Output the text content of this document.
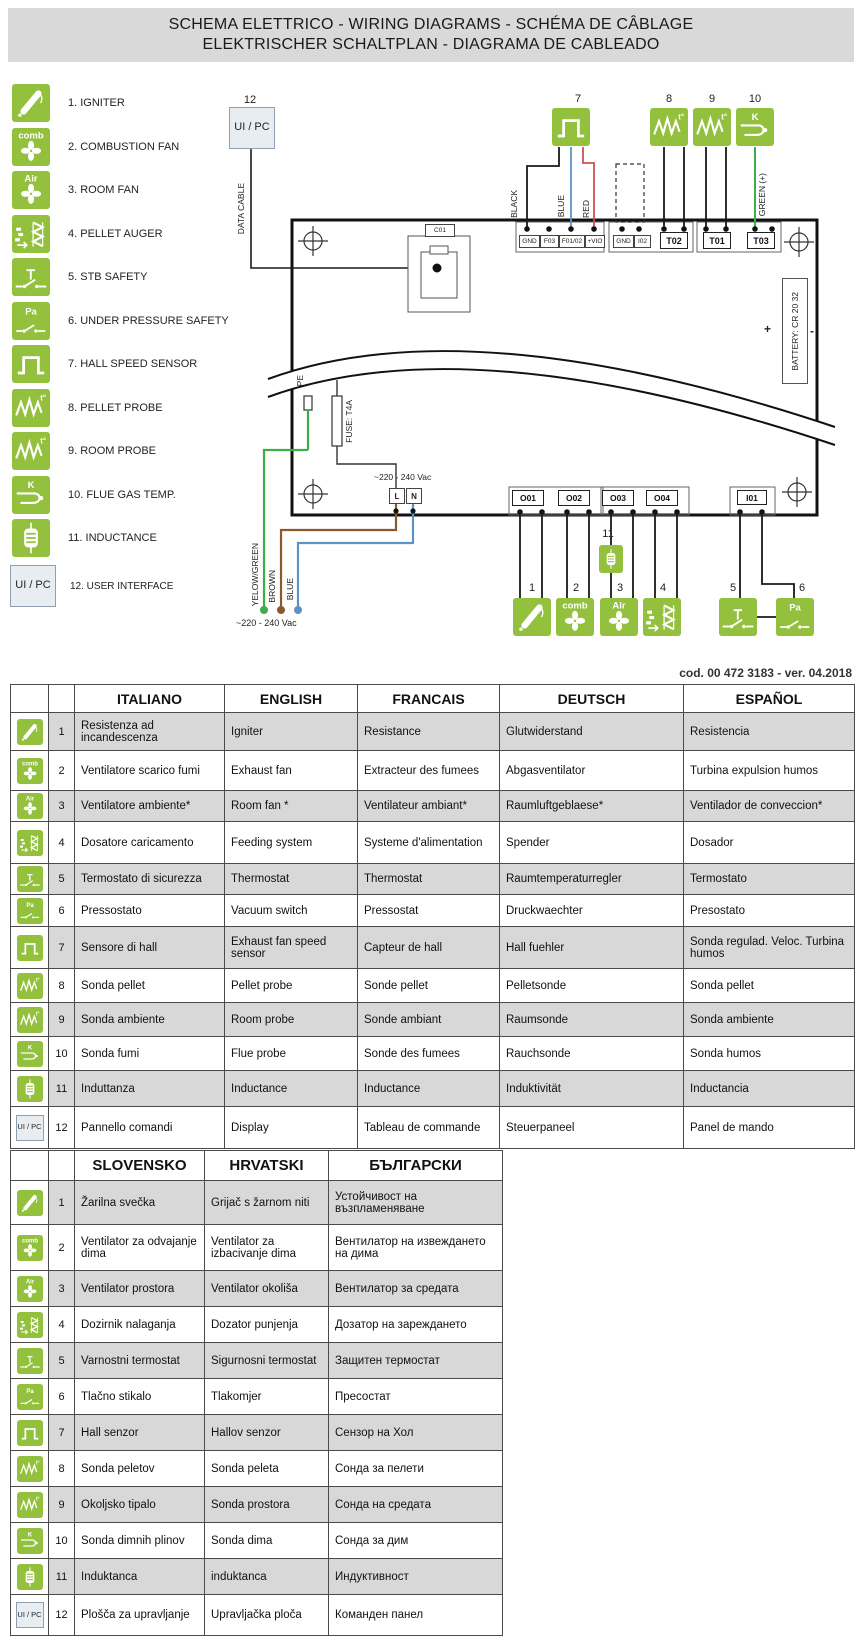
SCHEMA ELETTRICO - WIRING DIAGRAMS - SCHÉMA DE CÂBLAGE
ELEKTRISCHER SCHALTPLAN - DIAGRAMA DE CABLEADO
1. IGNITER
2. COMBUSTION FAN
3. ROOM FAN
4. PELLET AUGER
5. STB SAFETY
6. UNDER PRESSURE SAFETY
7. HALL SPEED SENSOR
8. PELLET PROBE
9. ROOM PROBE
10. FLUE GAS TEMP.
11. INDUCTANCE
UI / PC	12. USER INTERFACE
12
UI / PC
DATA CABLE	C01
7	8	9	10
BLACK	BLUE RED	GREEN (+)
GND	F03	F01/02 +VIO	GND	I02	T02	T01	T03
BATTERY: CR 20 32
+	-
PE
FUSE: T4A
~220 - 240 Vac
L	N
YELOW/GREEN BROWN BLUE
~220 - 240 Vac
O01	O02	O03	O04	I01
11
1	2	3	4	5	6
cod. 00 472 3183 - ver. 04.2018
		ITALIANO	ENGLISH	FRANCAIS	DEUTSCH	ESPAÑOL

	1	Resistenza ad incandescenza	Igniter	Resistance	Glutwiderstand	Resistencia

	2	Ventilatore scarico fumi	Exhaust fan	Extracteur des fumees	Abgasventilator	Turbina expulsion humos

	3	Ventilatore ambiente*	Room fan *	Ventilateur ambiant*	Raumluftgeblaese*	Ventilador de conveccion*

	4	Dosatore caricamento	Feeding system	Systeme d'alimentation	Spender	Dosador

	5	Termostato di sicurezza	Thermostat	Thermostat	Raumtemperaturregler	Termostato

	6	Pressostato	Vacuum switch	Pressostat	Druckwaechter	Presostato

	7	Sensore di hall	Exhaust fan speed sensor	Capteur de hall	Hall fuehler	Sonda regulad. Veloc. Turbina humos

	8	Sonda pellet	Pellet probe	Sonde pellet	Pelletsonde	Sonda pellet

	9	Sonda ambiente	Room probe	Sonde ambiant	Raumsonde	Sonda ambiente

	10	Sonda fumi	Flue probe	Sonde des fumees	Rauchsonde	Sonda humos

	11	Induttanza	Inductance	Inductance	Induktivität	Inductancia

UI / PC	12	Pannello comandi	Display	Tableau de commande	Steuerpaneel	Panel de mando
		SLOVENSKO	HRVATSKI	БЪЛГАРСКИ

	1	Žarilna svečka	Grijač s žarnom niti	Устойчивост на възпламеняване

	2	Ventilator za odvajanje dima	Ventilator za izbacivanje dima	Вентилатор на извеждането на дима

	3	Ventilator prostora	Ventilator okoliša	Вентилатор за средата

	4	Dozirnik nalaganja	Dozator punjenja	Дозатор на зареждането

	5	Varnostni termostat	Sigurnosni termostat	Защитен термостат

	6	Tlačno stikalo	Tlakomjer	Пресостат

	7	Hall senzor	Hallov senzor	Сензор на Хол

	8	Sonda peletov	Sonda peleta	Сонда за пелети

	9	Okoljsko tipalo	Sonda prostora	Сонда на средата

	10	Sonda dimnih plinov	Sonda dima	Сонда за дим

	11	Induktanca	induktanca	Индуктивност

UI / PC	12	Plošča za upravljanje	Upravljačka ploča	Команден панел
